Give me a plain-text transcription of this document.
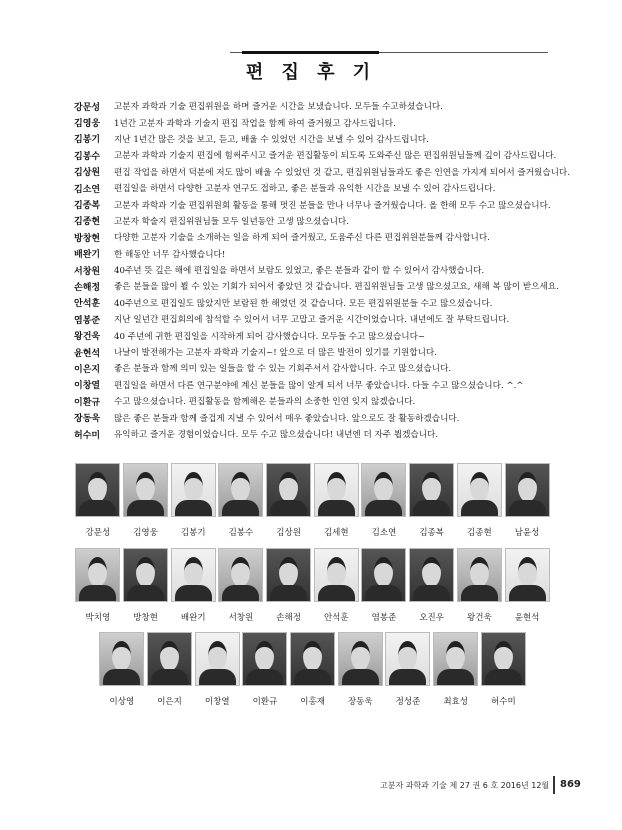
편 집 후 기
강문성	고분자 과학과 기술 편집위원을 하며 즐거운 시간을 보냈습니다. 모두들 수고하셨습니다.
김영웅	1년간 고분자 과학과 기술지 편집 작업을 함께 하여 즐거웠고 감사드립니다.
김봉기	지난 1년간 많은 것을 보고, 듣고, 배울 수 있었던 시간을 보낼 수 있어 감사드립니다.
김봉수	고분자 과학과 기술지 편집에 힘써주시고 즐거운 편집활동이 되도록 도와주신 많은 편집위원님들께 깊이 감사드립니다.
김상원	편집 작업을 하면서 덕분에 저도 많이 배울 수 있었던 것 같고, 편집위원님들과도 좋은 인연을 가지게 되어서 즐거웠습니다.
김소연	편집일을 하면서 다양한 고분자 연구도 접하고, 좋은 분들과 유익한 시간을 보낼 수 있어 감사드립니다.
김종복	고분자 과학과 기술 편집위원회 활동을 통해 멋진 분들을 만나 너무나 즐거웠습니다. 올 한해 모두 수고 많으셨습니다.
김종현	고분자 학술지 편집위원님들 모두 일년동안 고생 많으셨습니다.
방창현	다양한 고분자 기술을 소개하는 일을 하게 되어 즐거웠고, 도움주신 다른 편집위원분들께 감사합니다.
배완기	한 해동안 너무 감사했습니다!
서창원	40주년 뜻 깊은 해에 편집일을 하면서 보람도 있었고, 좋은 분들과 같이 할 수 있어서 감사했습니다.
손해정	좋은 분들을 많이 뵐 수 있는 기회가 되어서 좋았던 것 같습니다. 편집위원님들 고생 많으셨고요, 새해 복 많이 받으세요.
안석훈	40주년으로 편집일도 많았지만 보람된 한 해였던 것 같습니다. 모든 편집위원분들 수고 많으셨습니다.
염봉준	지난 일년간 편집회의에 참석할 수 있어서 너무 고맙고 즐거운 시간이었습니다. 내년에도 잘 부탁드립니다.
왕건욱	40 주년에 귀한 편집일을 시작하게 되어 감사했습니다. 모두들 수고 많으셨습니다~
윤현석	나날이 발전해가는 고분자 과학과 기술지~! 앞으로 더 많은 발전이 있기를 기원합니다.
이은지	좋은 분들과 함께 의미 있는 일들을 할 수 있는 기회주셔서 감사합니다. 수고 많으셨습니다.
이창열	편집일을 하면서 다른 연구분야에 계신 분들을 많이 알게 되서 너무 좋았습니다. 다들 수고 많으셨습니다. ^.^
이환규	수고 많으셨습니다. 편집활동을 함께해온 분들과의 소중한 인연 잊지 않겠습니다.
장동욱	많은 좋은 분들과 함께 즐겁게 지낼 수 있어서 매우 좋았습니다. 앞으로도 잘 활동하겠습니다.
허수미	유익하고 즐거운 경험이었습니다. 모두 수고 많으셨습니다! 내년엔 더 자주 뵙겠습니다.
강문성	김영웅	김봉기	김봉수	김상원	김세현	김소연	김종복	김종현	남윤성
박치영	방창현	배완기	서창원	손해정	안석훈	염봉준	오진우	왕건욱	윤현석
이상영	이은지	이창열	이환규	이홍재	장동욱	정성준	최효성	허수미
고분자 과학과 기술 제 27 권 6 호 2016년 12월 869
